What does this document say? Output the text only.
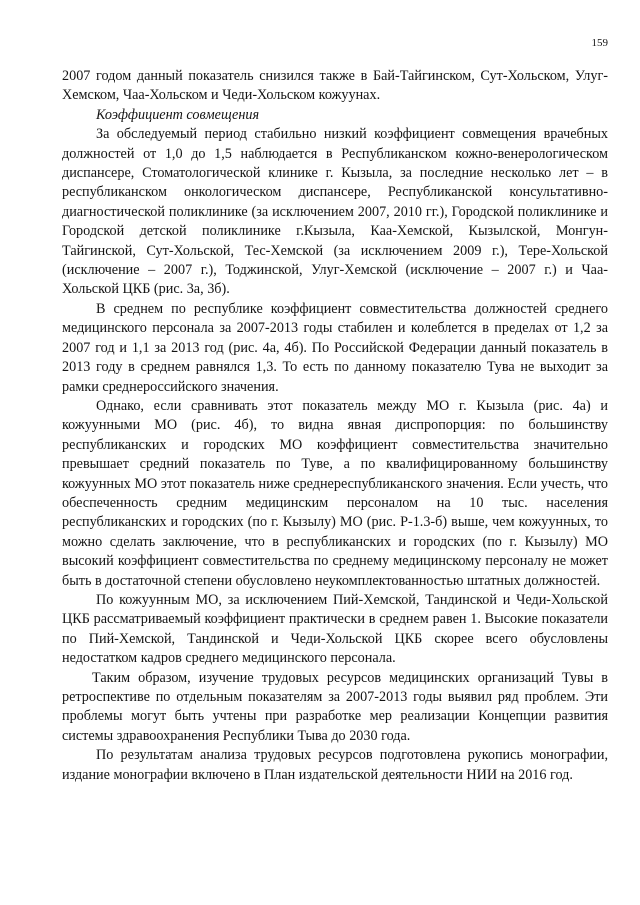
159

2007 годом данный показатель снизился также в Бай-Тайгинском, Сут-Хольском, Улуг-Хемском, Чаа-Хольском и Чеди-Хольском кожуунах.

Коэффициент совмещения

За обследуемый период стабильно низкий коэффициент совмещения врачебных должностей от 1,0 до 1,5 наблюдается в Республиканском кожно-венерологическом диспансере, Стоматологической клинике г. Кызыла, за последние несколько лет – в республиканском онкологическом диспансере, Республиканской консультативно-диагностической поликлинике (за исключением 2007, 2010 гг.), Городской поликлинике и Городской детской поликлинике г.Кызыла, Каа-Хемской, Кызылской, Монгун-Тайгинской, Сут-Хольской, Тес-Хемской (за исключением 2009 г.), Тере-Хольской (исключение – 2007 г.), Тоджинской, Улуг-Хемской (исключение – 2007 г.) и Чаа-Хольской ЦКБ (рис. 3а, 3б).

В среднем по республике коэффициент совместительства должностей среднего медицинского персонала за 2007-2013 годы стабилен и колеблется в пределах от 1,2 за 2007 год и 1,1 за 2013 год (рис. 4а, 4б). По Российской Федерации данный показатель в 2013 году в среднем равнялся 1,3. То есть по данному показателю Тува не выходит за рамки среднероссийского значения.

Однако, если сравнивать этот показатель между МО г. Кызыла (рис. 4а) и кожуунными МО (рис. 4б), то видна явная диспропорция: по большинству республиканских и городских МО коэффициент совместительства значительно превышает средний показатель по Туве, а по квалифицированному большинству кожуунных МО этот показатель ниже среднереспубликанского значения. Если учесть, что обеспеченность средним медицинским персоналом на 10 тыс. населения республиканских и городских (по г. Кызылу) МО (рис. Р-1.3-б) выше, чем кожуунных, то можно сделать заключение, что в республиканских и городских (по г. Кызылу) МО высокий коэффициент совместительства по среднему медицинскому персоналу не может быть в достаточной степени обусловлено неукомплектованностью штатных должностей.

По кожуунным МО, за исключением Пий-Хемской, Тандинской и Чеди-Хольской ЦКБ рассматриваемый коэффициент практически в среднем равен 1. Высокие показатели по Пий-Хемской, Тандинской и Чеди-Хольской ЦКБ скорее всего обусловлены недостатком кадров среднего медицинского персонала.

Таким образом, изучение трудовых ресурсов медицинских организаций Тувы в ретроспективе по отдельным показателям за 2007-2013 годы выявил ряд проблем. Эти проблемы могут быть учтены при разработке мер реализации Концепции развития системы здравоохранения Республики Тыва до 2030 года.

По результатам анализа трудовых ресурсов подготовлена рукопись монографии, издание монографии включено в План издательской деятельности НИИ на 2016 год.
